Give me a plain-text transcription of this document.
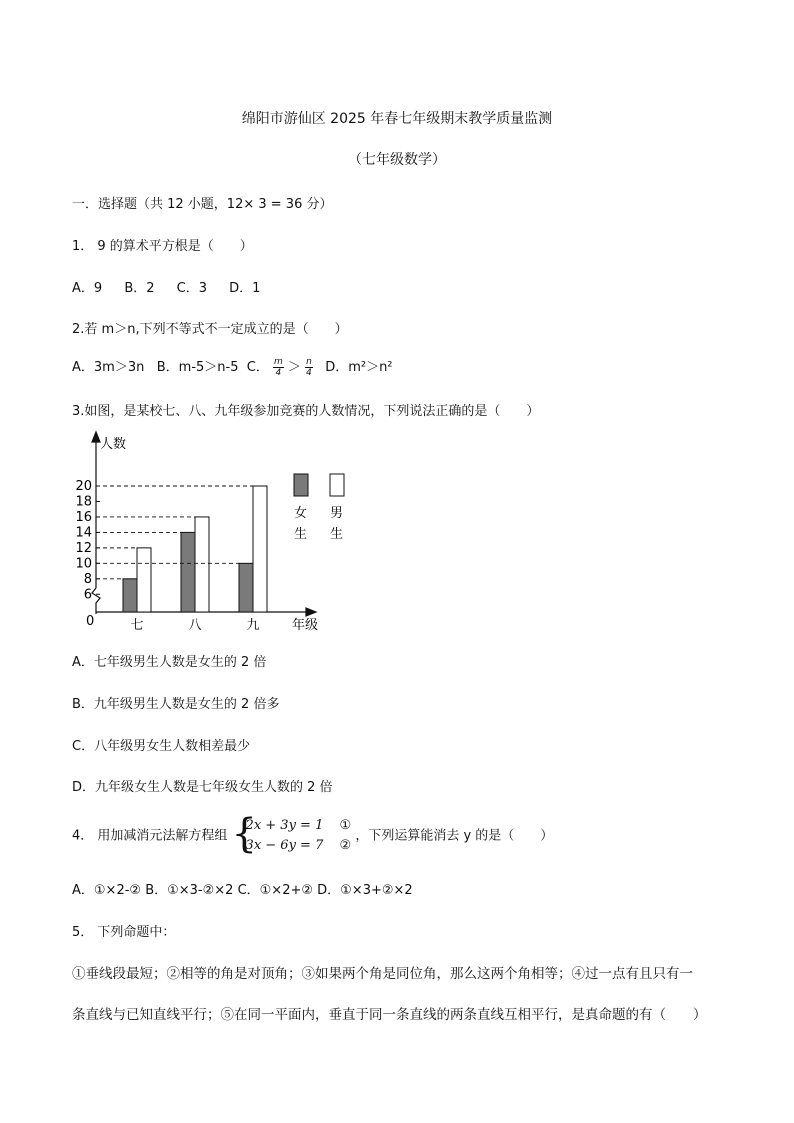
绵阳市游仙区 2025 年春七年级期末教学质量监测
（七年级数学）
一．选择题（共 12 小题，12× 3 = 36 分）
1． 9 的算术平方根是（　　）
A．9 B．2 C．3 D．1
2.若 m＞n,下列不等式不一定成立的是（　　）
A．3m＞3n B．m-5＞n-5 C． $\frac{m}{4} > \frac{n}{4}$ D．m²＞n²
3.如图，是某校七、八、九年级参加竞赛的人数情况，下列说法正确的是（　　）
人数
年级
0
6
8
10
12
14
16
18
20
七	八	九
女
生
男
生
A．七年级男生人数是女生的 2 倍
B．九年级男生人数是女生的 2 倍多
C．八年级男女生人数相差最少
D．九年级女生人数是七年级女生人数的 2 倍
4． 用加减消元法解方程组 {
2x + 3y = 1	①
3x − 6y = 7	②
，下列运算能消去 y 的是（　　）
A．①×2-② B．①×3-②×2 C．①×2+② D．①×3+②×2
5． 下列命题中：
①垂线段最短；②相等的角是对顶角；③如果两个角是同位角，那么这两个角相等；④过一点有且只有一
条直线与已知直线平行；⑤在同一平面内，垂直于同一条直线的两条直线互相平行，是真命题的有（　　）
